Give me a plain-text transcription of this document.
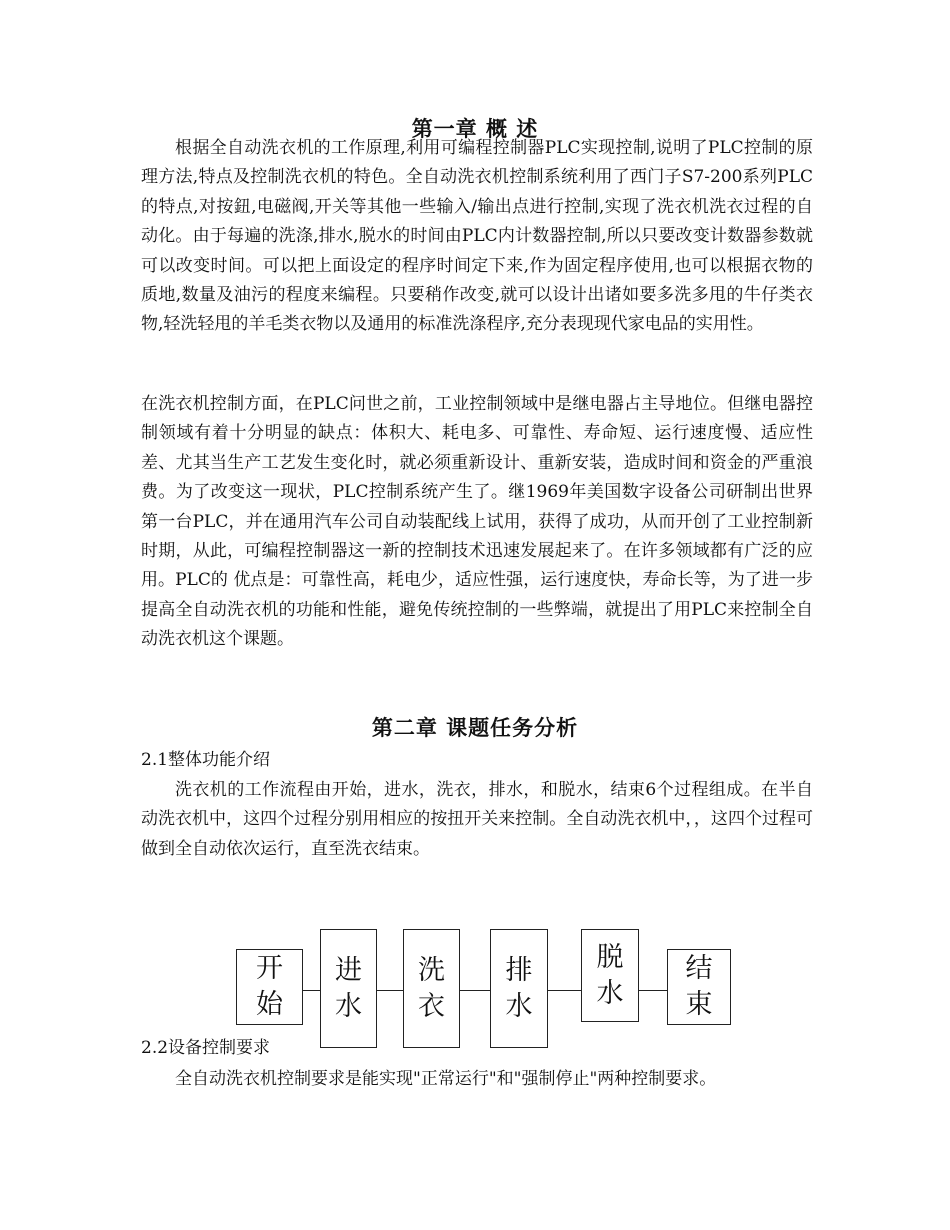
第一章 概 述

根据全自动洗衣机的工作原理,利用可编程控制器PLC实现控制,说明了PLC控制的原理方法,特点及控制洗衣机的特色。全自动洗衣机控制系统利用了西门子S7-200系列PLC的特点,对按鈕,电磁阀,开关等其他一些输入/输出点进行控制,实现了洗衣机洗衣过程的自动化。由于每遍的洗涤,排水,脱水的时间由PLC内计数器控制,所以只要改变计数器参数就可以改变时间。可以把上面设定的程序时间定下来,作为固定程序使用,也可以根据衣物的质地,数量及油污的程度来编程。只要稍作改变,就可以设计出诸如要多洗多甩的牛仔类衣物,轻洗轻甩的羊毛类衣物以及通用的标准洗涤程序,充分表现现代家电品的实用性。

在洗衣机控制方面，在PLC问世之前，工业控制领域中是继电器占主导地位。但继电器控制领域有着十分明显的缺点：体积大、耗电多、可靠性、寿命短、运行速度慢、适应性差、尤其当生产工艺发生变化时，就必须重新设计、重新安装，造成时间和资金的严重浪费。为了改变这一现状，PLC控制系统产生了。继1969年美国数字设备公司研制出世界第一台PLC，并在通用汽车公司自动装配线上试用，获得了成功，从而开创了工业控制新时期，从此，可编程控制器这一新的控制技术迅速发展起来了。在许多领域都有广泛的应用。PLC的 优点是：可靠性高，耗电少，适应性强，运行速度快，寿命长等，为了进一步提高全自动洗衣机的功能和性能，避免传统控制的一些弊端，就提出了用PLC来控制全自动洗衣机这个课题。

第二章 课题任务分析

2.1整体功能介绍

洗衣机的工作流程由开始，进水，洗衣，排水，和脱水，结束6个过程组成。在半自动洗衣机中，这四个过程分别用相应的按扭开关来控制。全自动洗衣机中，，这四个过程可做到全自动依次运行，直至洗衣结束。

开始
进水
洗衣
排水
脱水
结束

2.2设备控制要求

全自动洗衣机控制要求是能实现"正常运行"和"强制停止"两种控制要求。
